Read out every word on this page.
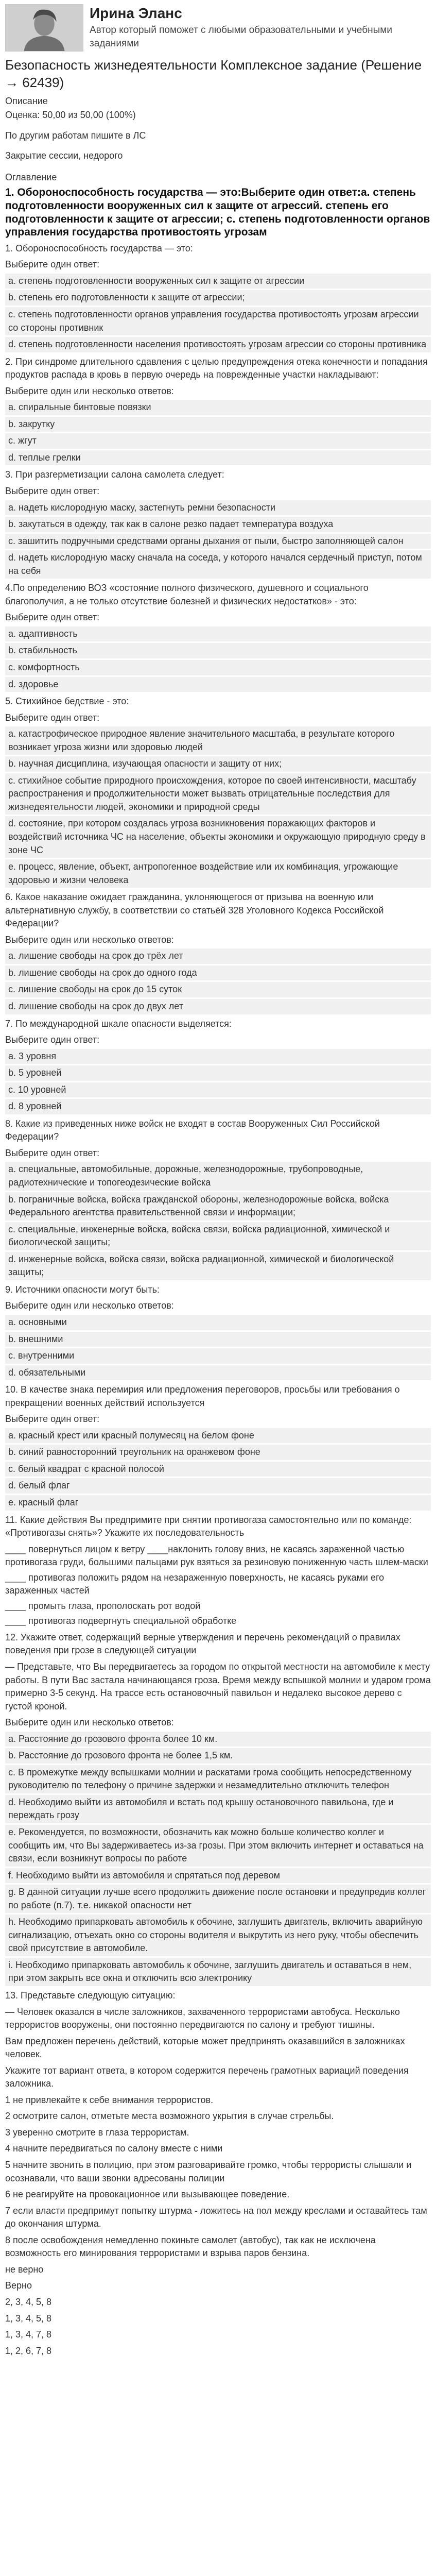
Ирина Эланс
Автор который поможет с любыми образовательными и учебными заданиями
Безопасность жизнедеятельности Комплексное задание (Решение → 62439)
Описание
Оценка: 50,00 из 50,00 (100%)
По другим работам пишите в ЛС
Закрытие сессии, недорого
Оглавление
1. Обороноспособность государства — это:Выберите один ответ:a. степень подготовленности вооруженных сил к защите от агрессий. степень его подготовленности к защите от агрессии; c. степень подготовленности органов управления государства противостоять угрозам
1. Обороноспособность государства — это:
Выберите один ответ:
a. степень подготовленности вооруженных сил к защите от агрессии
b. степень его подготовленности к защите от агрессии;
c. степень подготовленности органов управления государства противостоять угрозам агрессии со стороны противник
d. степень подготовленности населения противостоять угрозам агрессии со стороны противника
2. При синдроме длительного сдавления с целью предупреждения отека конечности и попадания продуктов распада в кровь в первую очередь на поврежденные участки накладывают:
Выберите один или несколько ответов:
a. спиральные бинтовые повязки
b. закрутку
c. жгут
d. теплые грелки
3. При разгерметизации салона самолета следует:
Выберите один ответ:
a. надеть кислородную маску, застегнуть ремни безопасности
b. закутаться в одежду, так как в салоне резко падает температура воздуха
c. зашитить подручными средствами органы дыхания от пыли, быстро заполняющей салон
d. надеть кислородную маску сначала на соседа, у которого начался сердечный приступ, потом на себя
4.По определению ВОЗ «состояние полного физического, душевного и социального благополучия, а не только отсутствие болезней и физических недостатков» - это:
Выберите один ответ:
a. адаптивность
b. стабильность
c. комфортность
d. здоровье
5. Стихийное бедствие - это:
Выберите один ответ:
a. катастрофическое природное явление значительного масштаба, в результате которого возникает угроза жизни или здоровью людей
b. научная дисциплина, изучающая опасности и защиту от них;
c. стихийное событие природного происхождения, которое по своей интенсивности, масштабу распространения и продолжительности может вызвать отрицательные последствия для жизнедеятельности людей, экономики и природной среды
d. состояние, при котором создалась угроза возникновения поражающих факторов и воздействий источника ЧС на население, объекты экономики и окружающую природную среду в зоне ЧС
e. процесс, явление, объект, антропогенное воздействие или их комбинация, угрожающие здоровью и жизни человека
6. Какое наказание ожидает гражданина, уклоняющегося от призыва на военную или альтернативную службу, в соответствии со статьёй 328 Уголовного Кодекса Российской Федерации?
Выберите один или несколько ответов:
a. лишение свободы на срок до трёх лет
b. лишение свободы на срок до одного года
c. лишение свободы на срок до 15 суток
d. лишение свободы на срок до двух лет
7. По международной шкале опасности выделяется:
Выберите один ответ:
a. 3 уровня
b. 5 уровней
c. 10 уровней
d. 8 уровней
8. Какие из приведенных ниже войск не входят в состав Вооруженных Сил Российской Федерации?
Выберите один ответ:
a. специальные, автомобильные, дорожные, железнодорожные, трубопроводные, радиотехнические и топогеодезические войска
b. пограничные войска, войска гражданской обороны, железнодорожные войска, войска Федерального агентства правительственной связи и информации;
c. специальные, инженерные войска, войска связи, войска радиационной, химической и биологической защиты;
d. инженерные войска, войска связи, войска радиационной, химической и биологической защиты;
9. Источники опасности могут быть:
Выберите один или несколько ответов:
a. основными
b. внешними
c. внутренними
d. обязательными
10. В качестве знака перемирия или предложения переговоров, просьбы или требования о прекращении военных действий используется
Выберите один ответ:
a. красный крест или красный полумесяц на белом фоне
b. синий равносторонний треугольник на оранжевом фоне
c. белый квадрат с красной полосой
d. белый флаг
e. красный флаг
11. Какие действия Вы предпримите при снятии противогаза самостоятельно или по команде: «Противогазы снять»? Укажите их последовательность
____ повернуться лицом к ветру ____наклонить голову вниз, не касаясь зараженной частью противогаза груди, большими пальцами рук взяться за резиновую пониженную часть шлем-маски
____ противогаз положить рядом на незараженную поверхность, не касаясь руками его зараженных частей
____ промыть глаза, прополоскать рот водой
____ противогаз подвергнуть специальной обработке
12. Укажите ответ, содержащий верные утверждения и перечень рекомендаций о правилах поведения при грозе в следующей ситуации
— Представьте, что Вы передвигаетесь за городом по открытой местности на автомобиле к месту работы. В пути Вас застала начинающаяся гроза. Время между вспышкой молнии и ударом грома примерно 3-5 секунд. На трассе есть остановочный павильон и недалеко высокое дерево с густой кроной.
Выберите один или несколько ответов:
a. Расстояние до грозового фронта более 10 км.
b. Расстояние до грозового фронта не более 1,5 км.
c. В промежутке между вспышками молнии и раскатами грома сообщить непосредственному руководителю по телефону о причине задержки и незамедлительно отключить телефон
d. Необходимо выйти из автомобиля и встать под крышу остановочного павильона, где и переждать грозу
e. Рекомендуется, по возможности, обозначить как можно больше количество коллег и сообщить им, что Вы задерживаетесь из-за грозы. При этом включить интернет и оставаться на связи, если возникнут вопросы по работе
f. Необходимо выйти из автомобиля и спрятаться под деревом
g. В данной ситуации лучше всего продолжить движение после остановки и предупредив коллег по работе (п.7). т.е. никакой опасности нет
h. Необходимо припарковать автомобиль к обочине, заглушить двигатель, включить аварийную сигнализацию, отъехать окно со стороны водителя и выкрутить из него руку, чтобы обеспечить свой присутствие в автомобиле.
i. Необходимо припарковать автомобиль к обочине, заглушить двигатель и оставаться в нем, при этом закрыть все окна и отключить всю электронику
13. Представьте следующую ситуацию:
— Человек оказался в числе заложников, захваченного террористами автобуса. Несколько террористов вооружены, они постоянно передвигаются по салону и требуют тишины.
Вам предложен перечень действий, которые может предпринять оказавшийся в заложниках человек.
Укажите тот вариант ответа, в котором содержится перечень грамотных вариаций поведения заложника.
1 не привлекайте к себе внимания террористов.
2 осмотрите салон, отметьте места возможного укрытия в случае стрельбы.
3 уверенно смотрите в глаза террористам.
4 начните передвигаться по салону вместе с ними
5 начните звонить в полицию, при этом разговаривайте громко, чтобы террористы слышали и осознавали, что ваши звонки адресованы полиции
6 не реагируйте на провокационное или вызывающее поведение.
7 если власти предпримут попытку штурма - ложитесь на пол между креслами и оставайтесь там до окончания штурма.
8 после освобождения немедленно покиньте самолет (автобус), так как не исключена возможность его минирования террористами и взрыва паров бензина.
не верно
Верно
2, 3, 4, 5, 8
1, 3, 4, 5, 8
1, 3, 4, 7, 8
1, 2, 6, 7, 8
